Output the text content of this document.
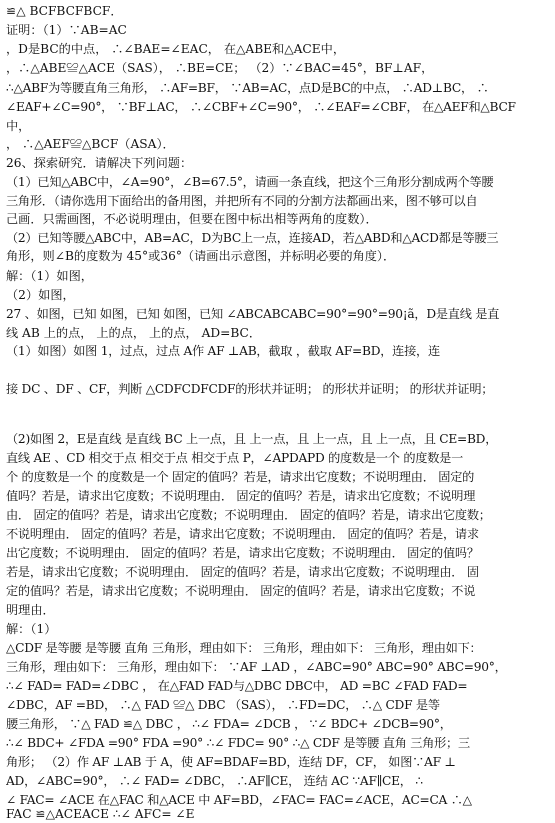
≌△ BCFBCFBCF．
证明：（1）∵AB=AC
，D是BC的中点， ∴∠BAE=∠EAC， 在△ABE和△ACE中，
，∴△ABE≌△ACE（SAS）， ∴BE=CE； （2）∵∠BAC=45°，BF⊥AF，
∴△ABF为等腰直角三角形， ∴AF=BF， ∵AB=AC，点D是BC的中点， ∴AD⊥BC， ∴
∠EAF+∠C=90°， ∵BF⊥AC， ∴∠CBF+∠C=90°， ∴∠EAF=∠CBF， 在△AEF和△BCF
中，
， ∴△AEF≌△BCF（ASA）．
26、探索研究．请解决下列问题：
（1）已知△ABC中，∠A=90°，∠B=67.5°，请画一条直线，把这个三角形分割成两个等腰
三角形．（请你选用下面给出的备用图，并把所有不同的分割方法都画出来，图不够可以自
己画．只需画图，不必说明理由，但要在图中标出相等两角的度数）．
（2）已知等腰△ABC中，AB=AC，D为BC上一点，连接AD，若△ABD和△ACD都是等腰三
角形，则∠B的度数为 45°或36°（请画出示意图，并标明必要的角度）．
解：（1）如图，
（2）如图，
27 、如图，已知 如图，已知 如图，已知 ∠ABCABCABC=90°=90°=90¡ã，D是直线 是直
线 AB 上的点， 上的点， 上的点， AD=BC．
（1）如图）如图 1，过点，过点 A作 AF ⊥AB，截取 ，截取 AF=BD，连接，连
接 DC 、DF 、CF，判断 △CDFCDFCDF的形状并证明； 的形状并证明； 的形状并证明；
（2)如图 2，E是直线 是直线 BC 上一点，且 上一点，且 上一点，且 上一点，且 CE=BD，
直线 AE 、CD 相交于点 相交于点 相交于点 P，∠APDAPD 的度数是一个 的度数是一
个 的度数是一个 的度数是一个 固定的值吗？若是，请求出它度数；不说明理由． 固定的
值吗？若是，请求出它度数；不说明理由． 固定的值吗？若是，请求出它度数；不说明理
由． 固定的值吗？若是，请求出它度数；不说明理由． 固定的值吗？若是，请求出它度数；
不说明理由． 固定的值吗？若是，请求出它度数；不说明理由． 固定的值吗？若是，请求
出它度数；不说明理由． 固定的值吗？若是，请求出它度数；不说明理由． 固定的值吗？
若是，请求出它度数；不说明理由． 固定的值吗？若是，请求出它度数；不说明理由． 固
定的值吗？若是，请求出它度数；不说明理由． 固定的值吗？若是，请求出它度数；不说
明理由．
解：（1）
△CDF 是等腰 是等腰 直角 三角形，理由如下： 三角形，理由如下： 三角形，理由如下：
三角形，理由如下： 三角形，理由如下： ∵AF ⊥AD ，∠ABC=90° ABC=90° ABC=90°，
∴∠ FAD= FAD=∠DBC ， 在△FAD FAD与△DBC DBC中， AD =BC ∠FAD FAD=
∠DBC，AF =BD， ∴△ FAD ≌△ DBC （SAS）， ∴FD=DC， ∴△ CDF 是等
腰三角形， ∵△ FAD ≌△ DBC ， ∴∠ FDA= ∠DCB ， ∵∠ BDC+ ∠DCB=90°，
∴∠ BDC+ ∠FDA =90° FDA =90° ∴∠ FDC= 90° ∴△ CDF 是等腰 直角 三角形；三
角形； （2）作 AF ⊥AB 于 A，使 AF=BDAF=BD，连结 DF，CF， 如图∵AF ⊥
AD，∠ABC=90°， ∴∠ FAD= ∠DBC， ∴AF∥CE， 连结 AC ∵AF∥CE， ∴
∠ FAC= ∠ACE 在△FAC 和△ACE 中 AF=BD，∠FAC= FAC=∠ACE，AC=CA ∴△
FAC ≌△ACEACE ∴∠ AFC= ∠E
